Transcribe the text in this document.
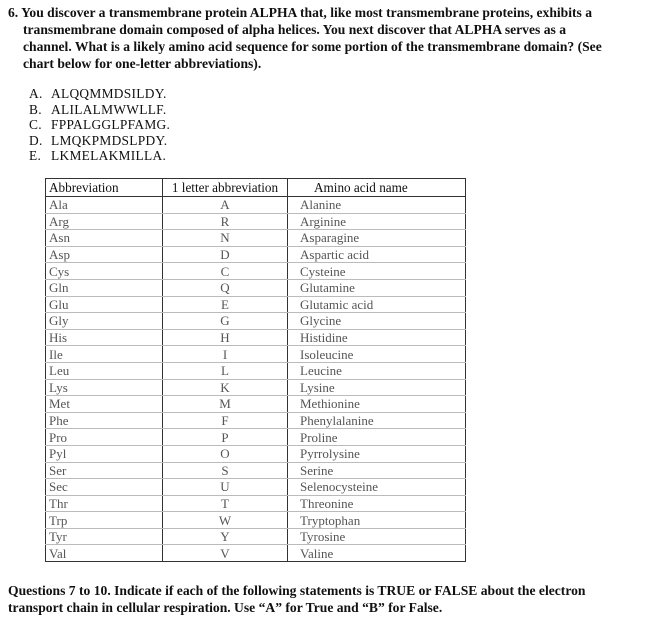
6. You discover a transmembrane protein ALPHA that, like most transmembrane proteins, exhibits a
transmembrane domain composed of alpha helices. You next discover that ALPHA serves as a
channel. What is a likely amino acid sequence for some portion of the transmembrane domain? (See
chart below for one-letter abbreviations).
A. ALQQMMDSILDY.
B. ALILALMWWLLF.
C. FPPALGGLPFAMG.
D. LMQKPMDSLPDY.
E. LKMELAKMILLA.
Abbreviation	1 letter abbreviation	Amino acid name
Ala	A	Alanine
Arg	R	Arginine
Asn	N	Asparagine
Asp	D	Aspartic acid
Cys	C	Cysteine
Gln	Q	Glutamine
Glu	E	Glutamic acid
Gly	G	Glycine
His	H	Histidine
Ile	I	Isoleucine
Leu	L	Leucine
Lys	K	Lysine
Met	M	Methionine
Phe	F	Phenylalanine
Pro	P	Proline
Pyl	O	Pyrrolysine
Ser	S	Serine
Sec	U	Selenocysteine
Thr	T	Threonine
Trp	W	Tryptophan
Tyr	Y	Tyrosine
Val	V	Valine
Questions 7 to 10. Indicate if each of the following statements is TRUE or FALSE about the electron
transport chain in cellular respiration. Use “A” for True and “B” for False.
